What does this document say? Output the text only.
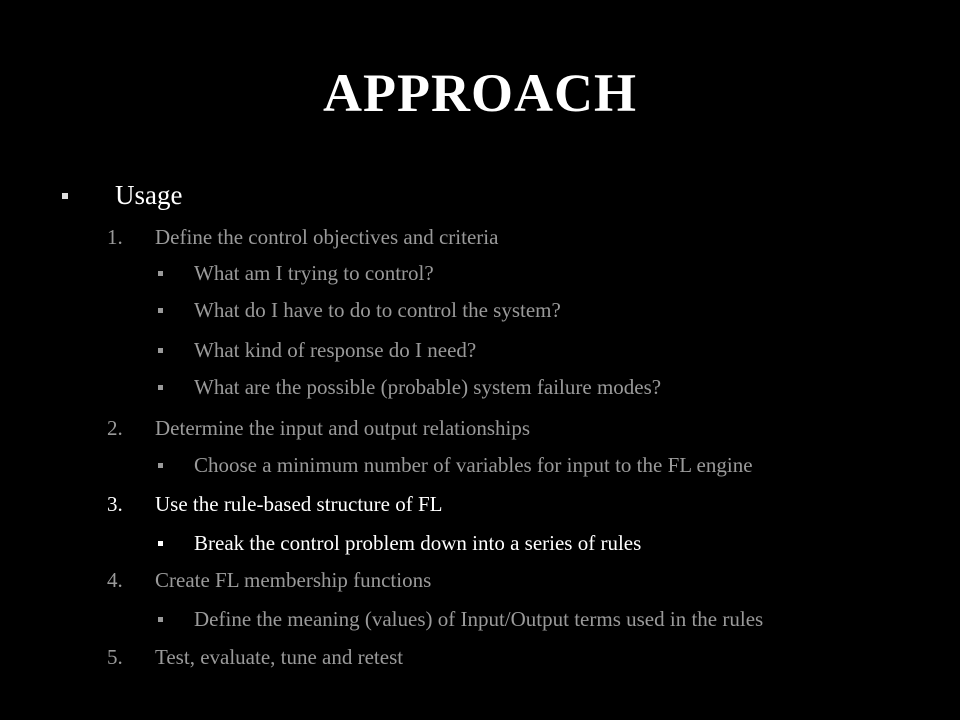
APPROACH
Usage
1. Define the control objectives and criteria
What am I trying to control?
What do I have to do to control the system?
What kind of response do I need?
What are the possible (probable) system failure modes?
2. Determine the input and output relationships
Choose a minimum number of variables for input to the FL engine
3. Use the rule-based structure of FL
Break the control problem down into a series of rules
4. Create FL membership functions
Define the meaning (values) of Input/Output terms used in the rules
5. Test, evaluate, tune and retest
